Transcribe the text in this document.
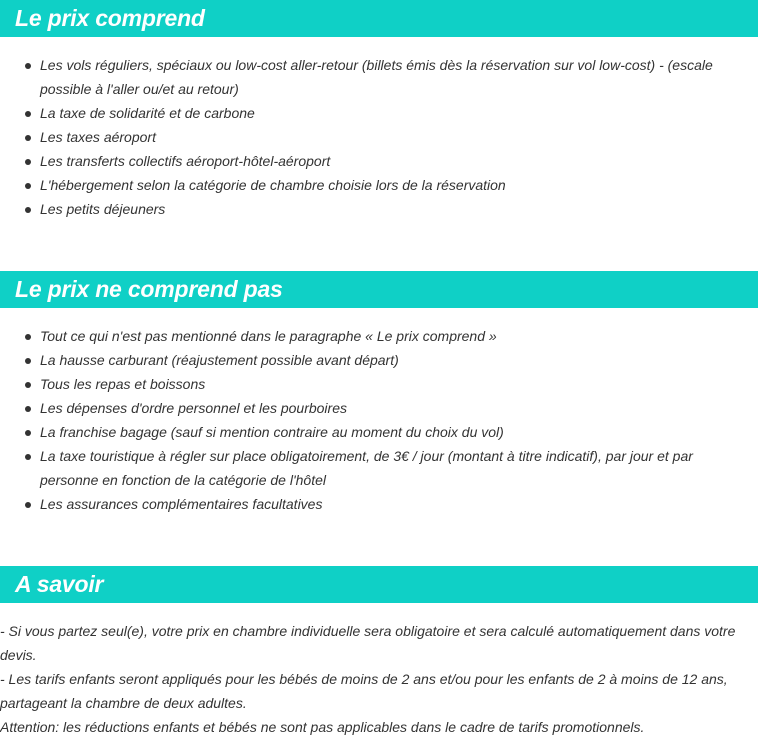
Le prix comprend
Les vols réguliers, spéciaux ou low-cost aller-retour (billets émis dès la réservation sur vol low-cost) - (escale possible à l'aller ou/et au retour)
La taxe de solidarité et de carbone
Les taxes aéroport
Les transferts collectifs aéroport-hôtel-aéroport
L'hébergement selon la catégorie de chambre choisie lors de la réservation
Les petits déjeuners
Le prix ne comprend pas
Tout ce qui n'est pas mentionné dans le paragraphe « Le prix comprend »
La hausse carburant (réajustement possible avant départ)
Tous les repas et boissons
Les dépenses d'ordre personnel et les pourboires
La franchise bagage (sauf si mention contraire au moment du choix du vol)
La taxe touristique à régler sur place obligatoirement, de 3€ / jour (montant à titre indicatif), par jour et par personne en fonction de la catégorie de l'hôtel
Les assurances complémentaires facultatives
A savoir

- Si vous partez seul(e), votre prix en chambre individuelle sera obligatoire et sera calculé automatiquement dans votre devis.

- Les tarifs enfants seront appliqués pour les bébés de moins de 2 ans et/ou pour les enfants de 2 à moins de 12 ans, partageant la chambre de deux adultes.

Attention: les réductions enfants et bébés ne sont pas applicables dans le cadre de tarifs promotionnels.
